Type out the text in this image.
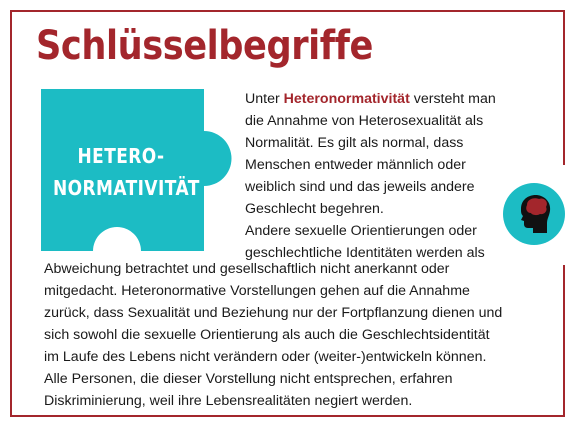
Schlüsselbegriffe
HETERO-
NORMATIVITÄT
Unter Heteronormativität versteht man
die Annahme von Heterosexualität als
Normalität. Es gilt als normal, dass
Menschen entweder männlich oder
weiblich sind und das jeweils andere
Geschlecht begehren.
Andere sexuelle Orientierungen oder
geschlechtliche Identitäten werden als
Abweichung betrachtet und gesellschaftlich nicht anerkannt oder
mitgedacht. Heteronormative Vorstellungen gehen auf die Annahme
zurück, dass Sexualität und Beziehung nur der Fortpflanzung dienen und
sich sowohl die sexuelle Orientierung als auch die Geschlechtsidentität
im Laufe des Lebens nicht verändern oder (weiter-)entwickeln können.
Alle Personen, die dieser Vorstellung nicht entsprechen, erfahren
Diskriminierung, weil ihre Lebensrealitäten negiert werden.
